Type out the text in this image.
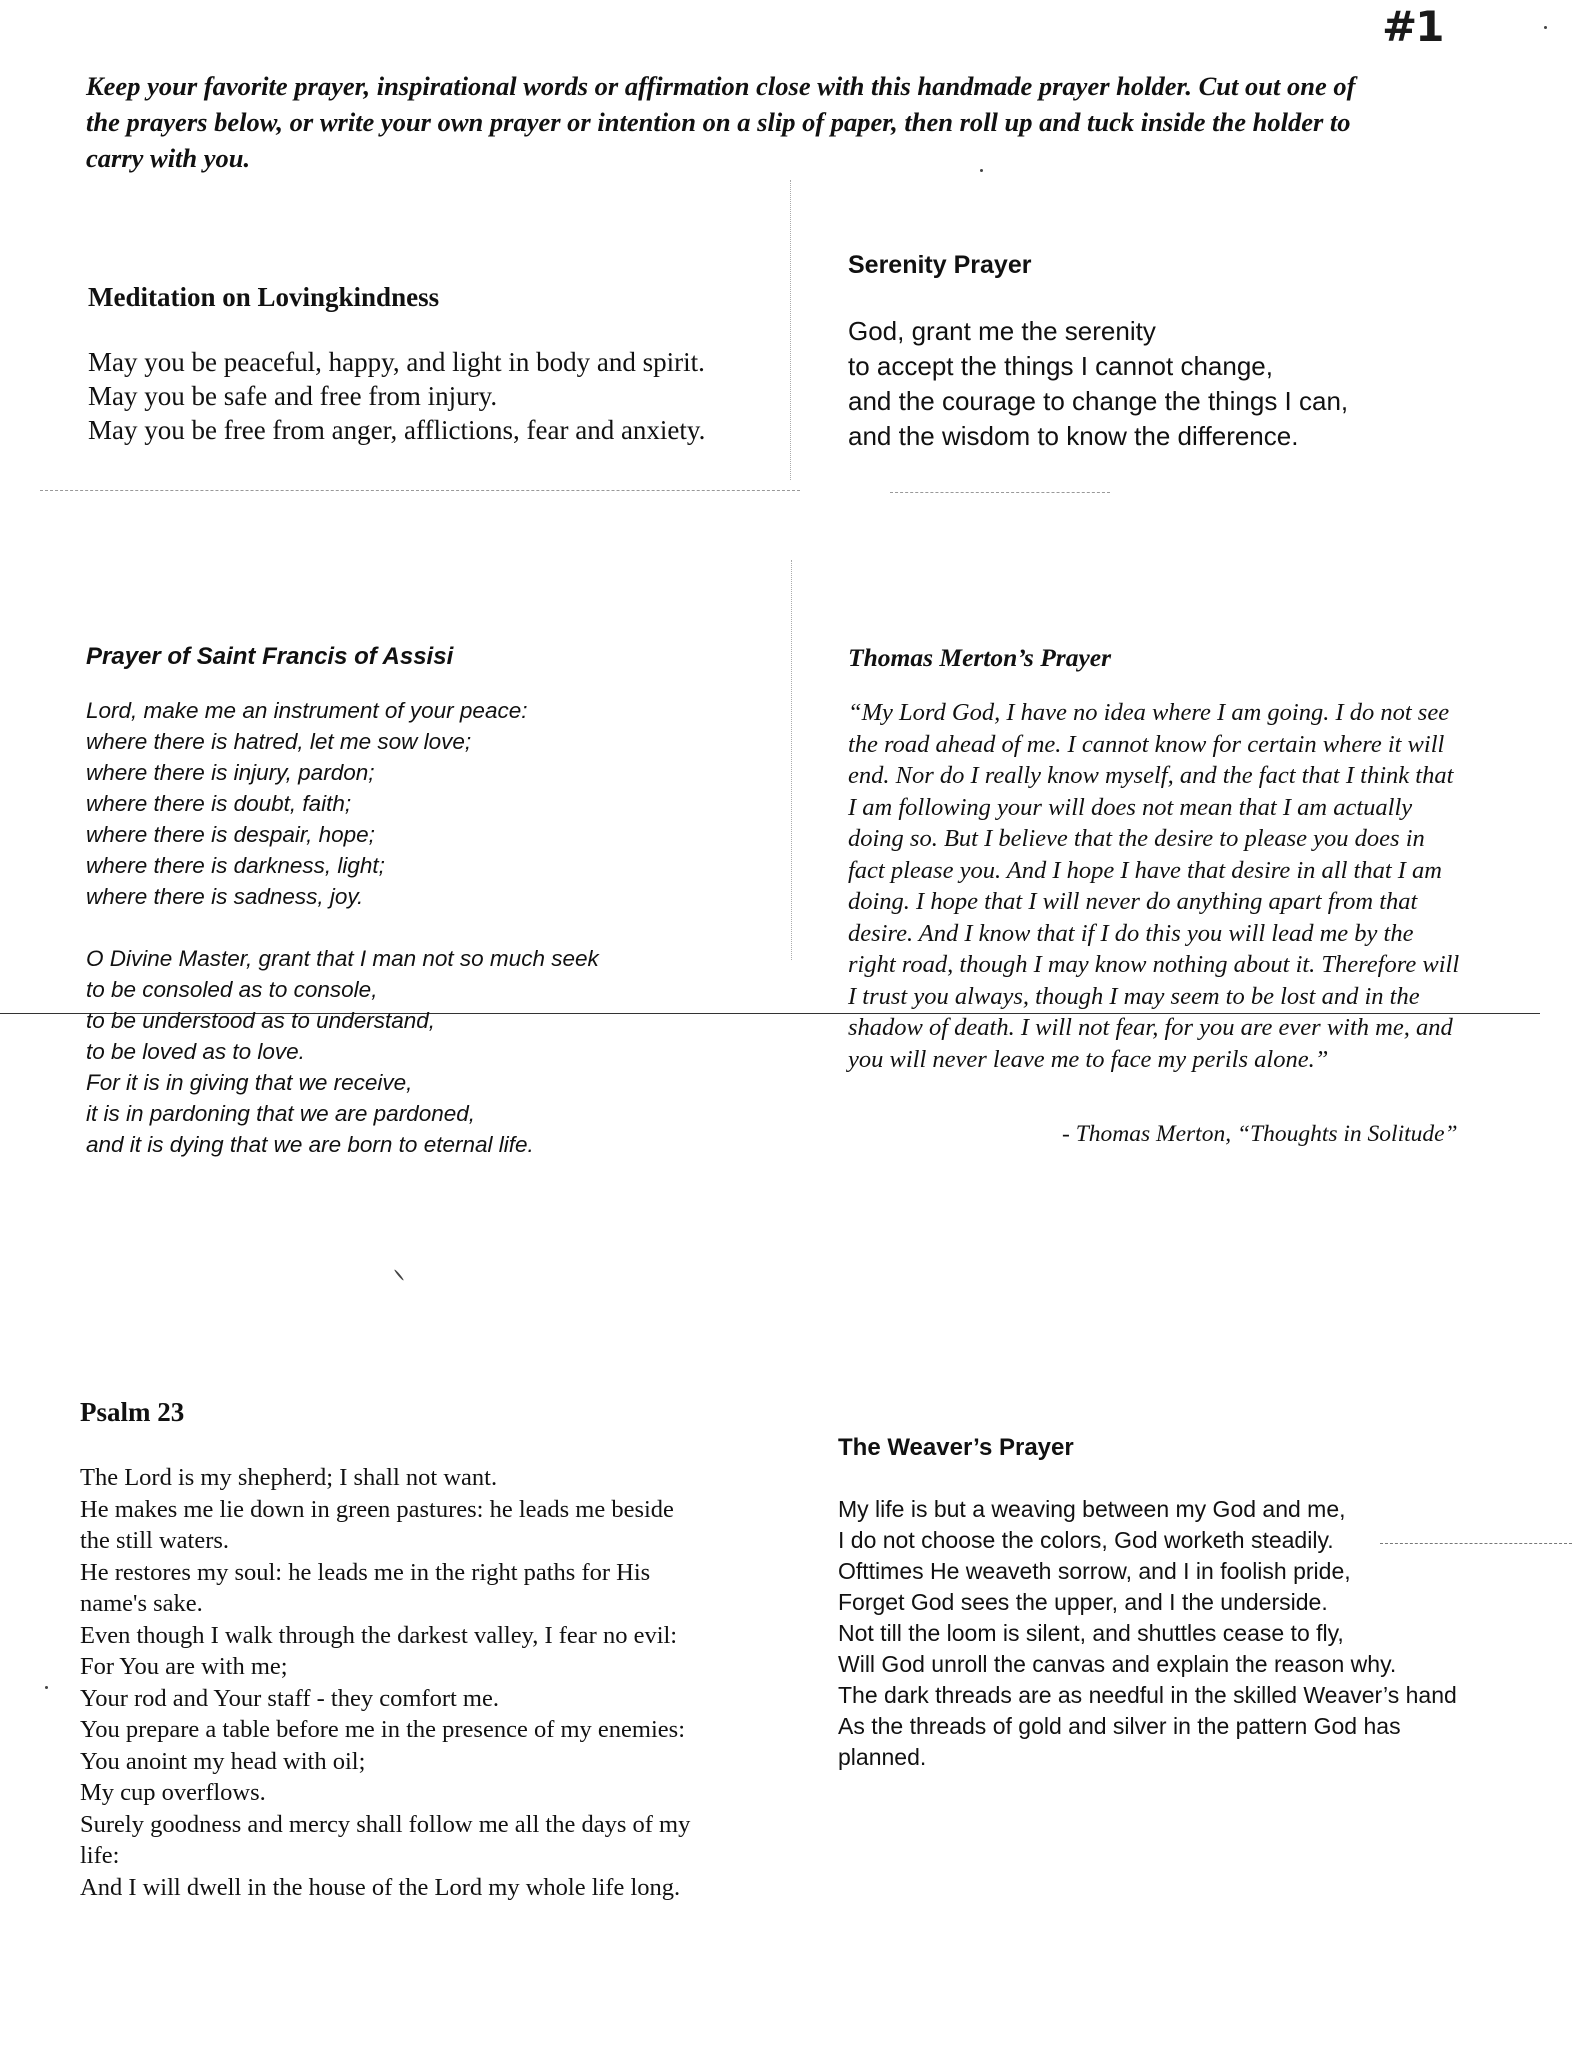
#1
Keep your favorite prayer, inspirational words or affirmation close with this handmade prayer holder. Cut out one of
the prayers below, or write your own prayer or intention on a slip of paper, then roll up and tuck inside the holder to
carry with you.
Meditation on Lovingkindness
May you be peaceful, happy, and light in body and spirit.
May you be safe and free from injury.
May you be free from anger, afflictions, fear and anxiety.
Serenity Prayer
God, grant me the serenity
to accept the things I cannot change,
and the courage to change the things I can,
and the wisdom to know the difference.
Prayer of Saint Francis of Assisi
Lord, make me an instrument of your peace:
where there is hatred, let me sow love;
where there is injury, pardon;
where there is doubt, faith;
where there is despair, hope;
where there is darkness, light;
where there is sadness, joy.
O Divine Master, grant that I man not so much seek
to be consoled as to console,
to be understood as to understand,
to be loved as to love.
For it is in giving that we receive,
it is in pardoning that we are pardoned,
and it is dying that we are born to eternal life.
Thomas Merton’s Prayer
“My Lord God, I have no idea where I am going. I do not see
the road ahead of me. I cannot know for certain where it will
end. Nor do I really know myself, and the fact that I think that
I am following your will does not mean that I am actually
doing so. But I believe that the desire to please you does in
fact please you. And I hope I have that desire in all that I am
doing. I hope that I will never do anything apart from that
desire. And I know that if I do this you will lead me by the
right road, though I may know nothing about it. Therefore will
I trust you always, though I may seem to be lost and in the
shadow of death. I will not fear, for you are ever with me, and
you will never leave me to face my perils alone.”
- Thomas Merton, “Thoughts in Solitude”
Psalm 23
The Lord is my shepherd; I shall not want.
He makes me lie down in green pastures: he leads me beside
the still waters.
He restores my soul: he leads me in the right paths for His
name's sake.
Even though I walk through the darkest valley, I fear no evil:
For You are with me;
Your rod and Your staff - they comfort me.
You prepare a table before me in the presence of my enemies:
You anoint my head with oil;
My cup overflows.
Surely goodness and mercy shall follow me all the days of my
life:
And I will dwell in the house of the Lord my whole life long.
The Weaver’s Prayer
My life is but a weaving between my God and me,
I do not choose the colors, God worketh steadily.
Ofttimes He weaveth sorrow, and I in foolish pride,
Forget God sees the upper, and I the underside.
Not till the loom is silent, and shuttles cease to fly,
Will God unroll the canvas and explain the reason why.
The dark threads are as needful in the skilled Weaver’s hand
As the threads of gold and silver in the pattern God has
planned.
